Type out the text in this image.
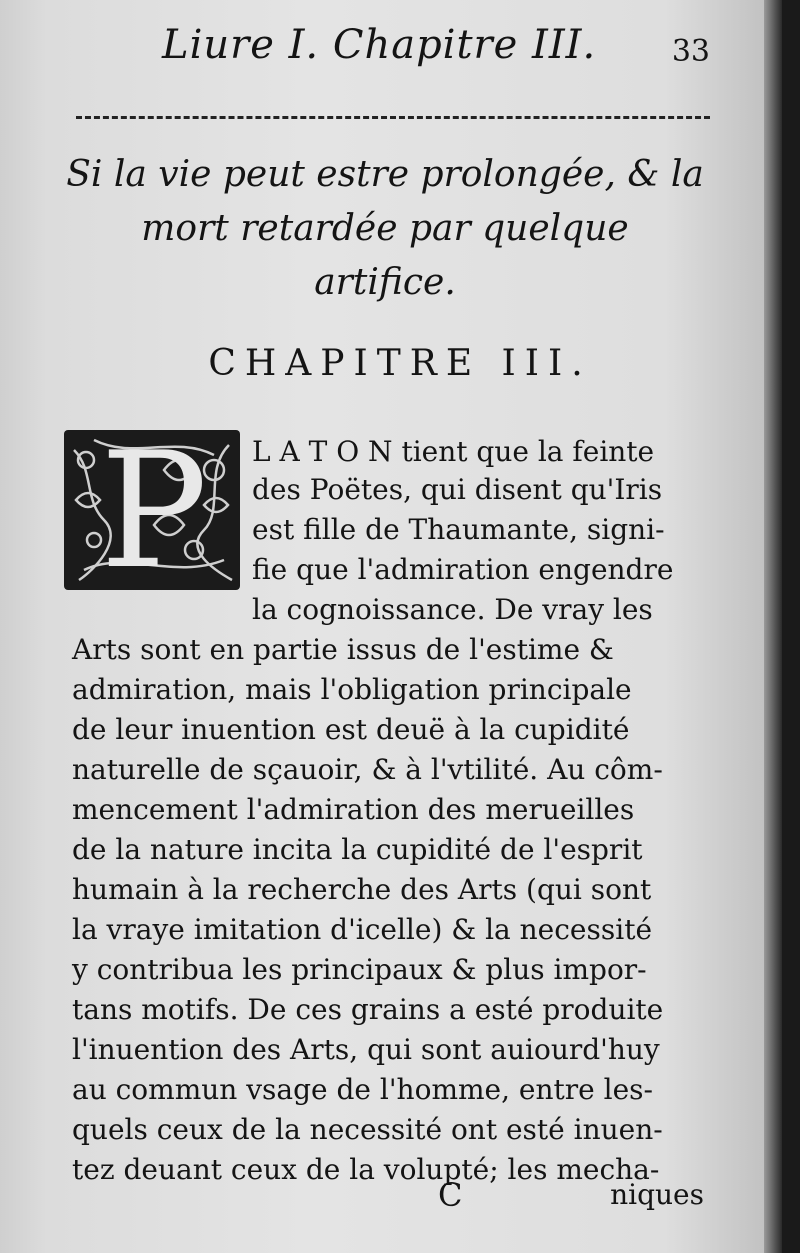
Liure I. Chapitre III.	33
Si la vie peut estre prolongée, & la
mort retardée par quelque
artifice.
CHAPITRE III.
P L A T O N tient que la feinte
des Poëtes, qui disent qu'Iris
est fille de Thaumante, signi-
fie que l'admiration engendre
la cognoissance. De vray les
Arts sont en partie issus de l'estime &
admiration, mais l'obligation principale
de leur inuention est deuë à la cupidité
naturelle de sçauoir, & à l'vtilité. Au côm-
mencement l'admiration des merueilles
de la nature incita la cupidité de l'esprit
humain à la recherche des Arts (qui sont
la vraye imitation d'icelle) & la necessité
y contribua les principaux & plus impor-
tans motifs. De ces grains a esté produite
l'inuention des Arts, qui sont auiourd'huy
au commun vsage de l'homme, entre les-
quels ceux de la necessité ont esté inuen-
tez deuant ceux de la volupté; les mecha-
C	niques
